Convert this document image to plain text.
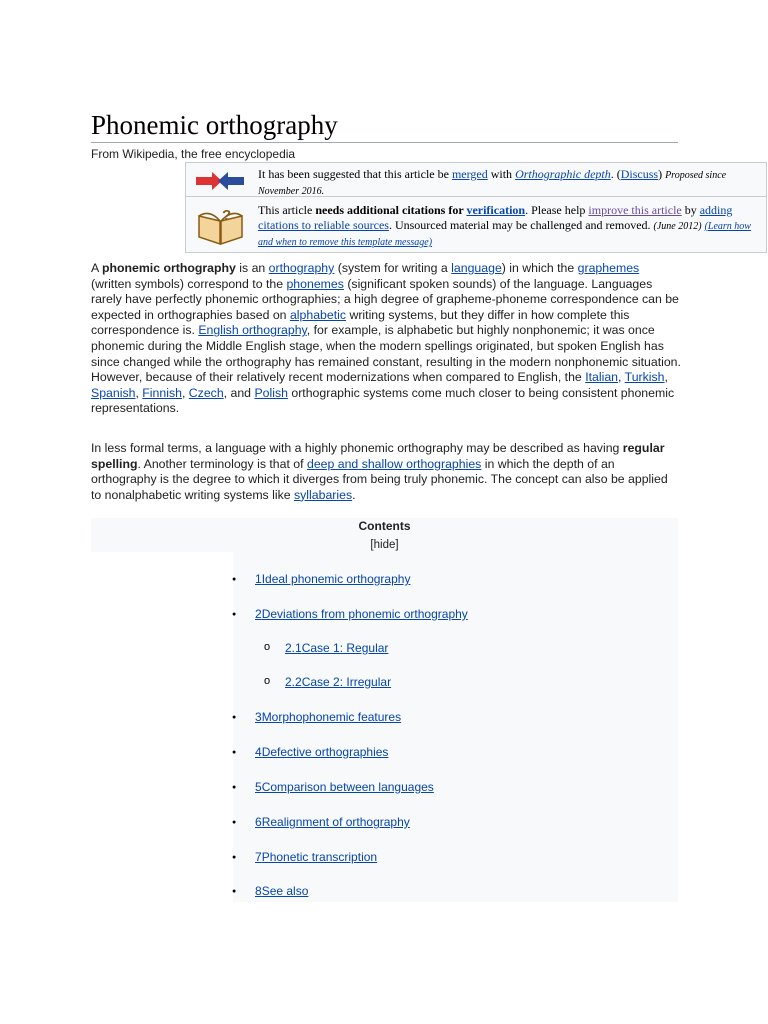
Phonemic orthography
From Wikipedia, the free encyclopedia
It has been suggested that this article be merged with Orthographic depth. (Discuss) Proposed since November 2016.
? This article needs additional citations for verification. Please help improve this article by adding citations to reliable sources. Unsourced material may be challenged and removed. (June 2012) (Learn how and when to remove this template message)

A phonemic orthography is an orthography (system for writing a language) in which the graphemes (written symbols) correspond to the phonemes (significant spoken sounds) of the language. Languages rarely have perfectly phonemic orthographies; a high degree of grapheme-phoneme correspondence can be expected in orthographies based on alphabetic writing systems, but they differ in how complete this correspondence is. English orthography, for example, is alphabetic but highly nonphonemic; it was once phonemic during the Middle English stage, when the modern spellings originated, but spoken English has since changed while the orthography has remained constant, resulting in the modern nonphonemic situation. However, because of their relatively recent modernizations when compared to English, the Italian, Turkish, Spanish, Finnish, Czech, and Polish orthographic systems come much closer to being consistent phonemic representations.

In less formal terms, a language with a highly phonemic orthography may be described as having regular spelling. Another terminology is that of deep and shallow orthographies in which the depth of an orthography is the degree to which it diverges from being truly phonemic. The concept can also be applied to nonalphabetic writing systems like syllabaries.

Contents
[hide]
● 1Ideal phonemic orthography
● 2Deviations from phonemic orthography
o 2.1Case 1: Regular
o 2.2Case 2: Irregular
● 3Morphophonemic features
● 4Defective orthographies
● 5Comparison between languages
● 6Realignment of orthography
● 7Phonetic transcription
● 8See also
